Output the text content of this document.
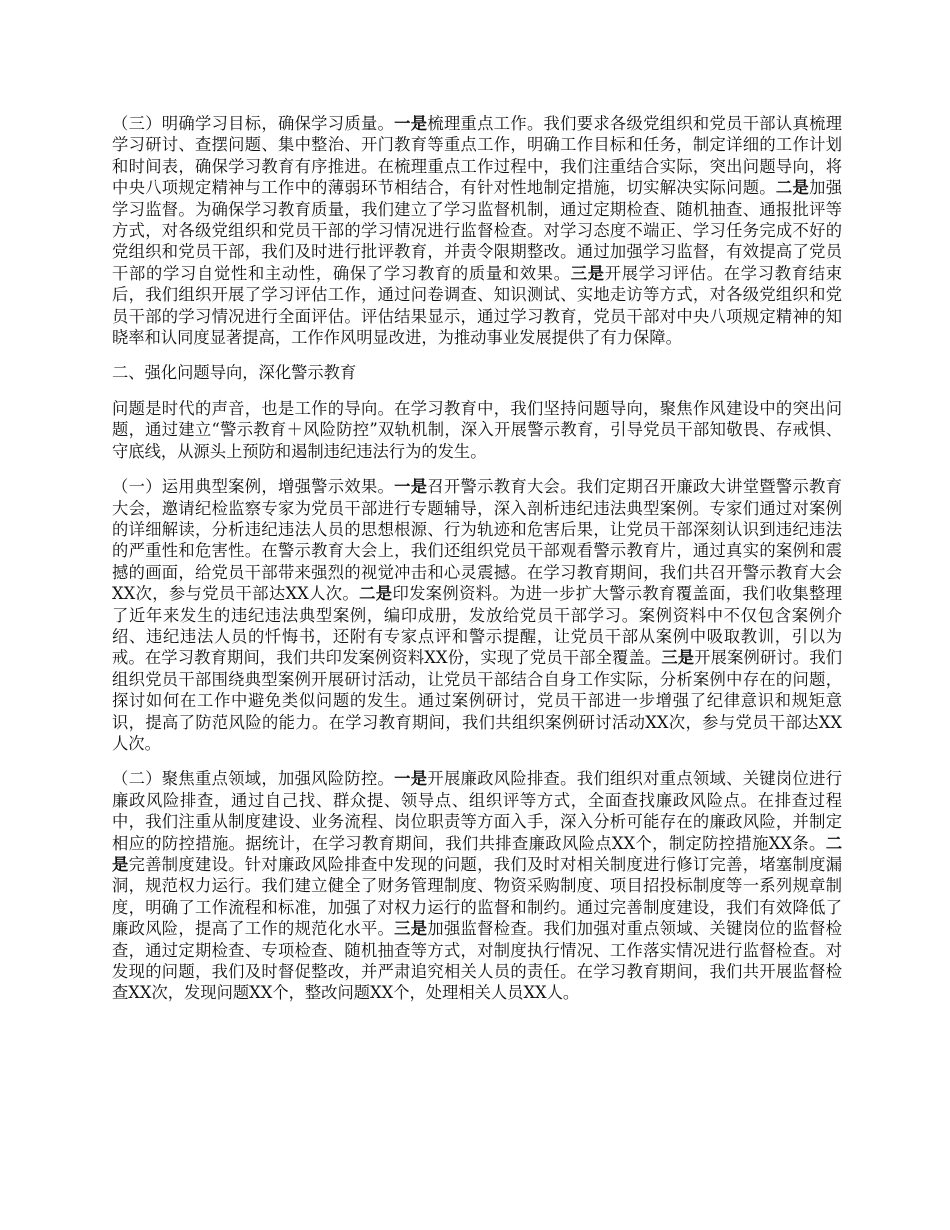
（三）明确学习目标，确保学习质量。一是梳理重点工作。我们要求各级党组织和党员干部认真梳理学习研讨、查摆问题、集中整治、开门教育等重点工作，明确工作目标和任务，制定详细的工作计划和时间表，确保学习教育有序推进。在梳理重点工作过程中，我们注重结合实际，突出问题导向，将中央八项规定精神与工作中的薄弱环节相结合，有针对性地制定措施，切实解决实际问题。二是加强学习监督。为确保学习教育质量，我们建立了学习监督机制，通过定期检查、随机抽查、通报批评等方式，对各级党组织和党员干部的学习情况进行监督检查。对学习态度不端正、学习任务完成不好的党组织和党员干部，我们及时进行批评教育，并责令限期整改。通过加强学习监督，有效提高了党员干部的学习自觉性和主动性，确保了学习教育的质量和效果。三是开展学习评估。在学习教育结束后，我们组织开展了学习评估工作，通过问卷调查、知识测试、实地走访等方式，对各级党组织和党员干部的学习情况进行全面评估。评估结果显示，通过学习教育，党员干部对中央八项规定精神的知晓率和认同度显著提高，工作作风明显改进，为推动事业发展提供了有力保障。

二、强化问题导向，深化警示教育

问题是时代的声音，也是工作的导向。在学习教育中，我们坚持问题导向，聚焦作风建设中的突出问题，通过建立“警示教育＋风险防控”双轨机制，深入开展警示教育，引导党员干部知敬畏、存戒惧、守底线，从源头上预防和遏制违纪违法行为的发生。

（一）运用典型案例，增强警示效果。一是召开警示教育大会。我们定期召开廉政大讲堂暨警示教育大会，邀请纪检监察专家为党员干部进行专题辅导，深入剖析违纪违法典型案例。专家们通过对案例的详细解读，分析违纪违法人员的思想根源、行为轨迹和危害后果，让党员干部深刻认识到违纪违法的严重性和危害性。在警示教育大会上，我们还组织党员干部观看警示教育片，通过真实的案例和震撼的画面，给党员干部带来强烈的视觉冲击和心灵震撼。在学习教育期间，我们共召开警示教育大会XX次，参与党员干部达XX人次。二是印发案例资料。为进一步扩大警示教育覆盖面，我们收集整理了近年来发生的违纪违法典型案例，编印成册，发放给党员干部学习。案例资料中不仅包含案例介绍、违纪违法人员的忏悔书，还附有专家点评和警示提醒，让党员干部从案例中吸取教训，引以为戒。在学习教育期间，我们共印发案例资料XX份，实现了党员干部全覆盖。三是开展案例研讨。我们组织党员干部围绕典型案例开展研讨活动，让党员干部结合自身工作实际，分析案例中存在的问题，探讨如何在工作中避免类似问题的发生。通过案例研讨，党员干部进一步增强了纪律意识和规矩意识，提高了防范风险的能力。在学习教育期间，我们共组织案例研讨活动XX次，参与党员干部达XX人次。

（二）聚焦重点领域，加强风险防控。一是开展廉政风险排查。我们组织对重点领域、关键岗位进行廉政风险排查，通过自己找、群众提、领导点、组织评等方式，全面查找廉政风险点。在排查过程中，我们注重从制度建设、业务流程、岗位职责等方面入手，深入分析可能存在的廉政风险，并制定相应的防控措施。据统计，在学习教育期间，我们共排查廉政风险点XX个，制定防控措施XX条。二是完善制度建设。针对廉政风险排查中发现的问题，我们及时对相关制度进行修订完善，堵塞制度漏洞，规范权力运行。我们建立健全了财务管理制度、物资采购制度、项目招投标制度等一系列规章制度，明确了工作流程和标准，加强了对权力运行的监督和制约。通过完善制度建设，我们有效降低了廉政风险，提高了工作的规范化水平。三是加强监督检查。我们加强对重点领域、关键岗位的监督检查，通过定期检查、专项检查、随机抽查等方式，对制度执行情况、工作落实情况进行监督检查。对发现的问题，我们及时督促整改，并严肃追究相关人员的责任。在学习教育期间，我们共开展监督检查XX次，发现问题XX个，整改问题XX个，处理相关人员XX人。
